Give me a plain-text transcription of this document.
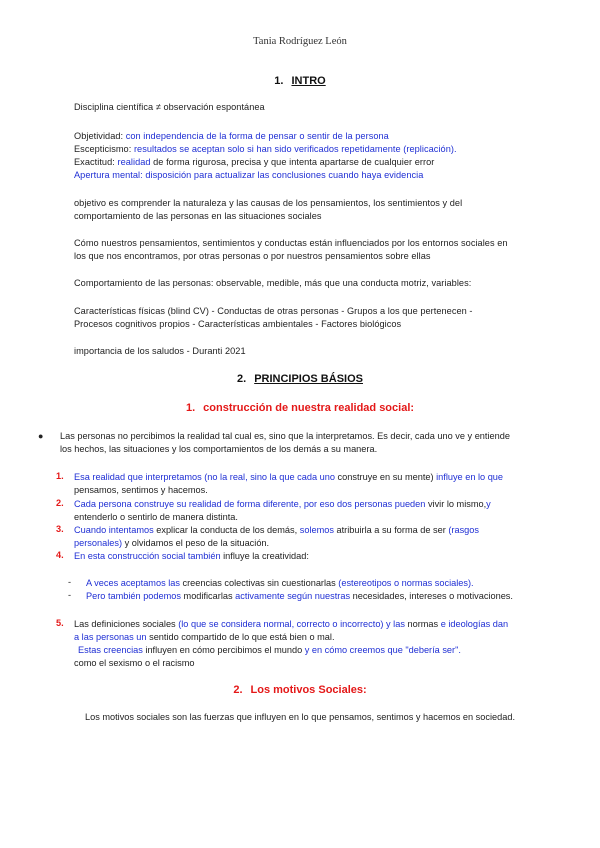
Tania Rodríguez León
1. INTRO
Disciplina científica ≠ observación espontánea
Objetividad: con independencia de la forma de pensar o sentir de la persona
Escepticismo: resultados se aceptan solo si han sido verificados repetidamente (replicación).
Exactitud: realidad de forma rigurosa, precisa y que intenta apartarse de cualquier error
Apertura mental: disposición para actualizar las conclusiones cuando haya evidencia
objetivo es comprender la naturaleza y las causas de los pensamientos, los sentimientos y del
comportamiento de las personas en las situaciones sociales
Cómo nuestros pensamientos, sentimientos y conductas están influenciados por los entornos sociales en
los que nos encontramos, por otras personas o por nuestros pensamientos sobre ellas
Comportamiento de las personas: observable, medible, más que una conducta motriz, variables:
Características físicas (blind CV) - Conductas de otras personas - Grupos a los que pertenecen -
Procesos cognitivos propios - Características ambientales - Factores biológicos
importancia de los saludos - Duranti 2021
2. PRINCIPIOS BÁSIOS
1. construcción de nuestra realidad social:
●	Las personas no percibimos la realidad tal cual es, sino que la interpretamos. Es decir, cada uno ve y entiende
los hechos, las situaciones y los comportamientos de los demás a su manera.
1.	Esa realidad que interpretamos (no la real, sino la que cada uno construye en su mente) influye en lo que
pensamos, sentimos y hacemos.
2.	Cada persona construye su realidad de forma diferente, por eso dos personas pueden vivir lo mismo,y
entenderlo o sentirlo de manera distinta.
3.	Cuando intentamos explicar la conducta de los demás, solemos atribuirla a su forma de ser (rasgos
personales) y olvidamos el peso de la situación.
4.	En esta construcción social también influye la creatividad:
-	A veces aceptamos las creencias colectivas sin cuestionarlas (estereotipos o normas sociales).
-	Pero también podemos modificarlas activamente según nuestras necesidades, intereses o motivaciones.
5.	Las definiciones sociales (lo que se considera normal, correcto o incorrecto) y las normas e ideologías dan
a las personas un sentido compartido de lo que está bien o mal.
Estas creencias influyen en cómo percibimos el mundo y en cómo creemos que "debería ser".
como el sexismo o el racismo
2. Los motivos Sociales:
Los motivos sociales son las fuerzas que influyen en lo que pensamos, sentimos y hacemos en sociedad.
